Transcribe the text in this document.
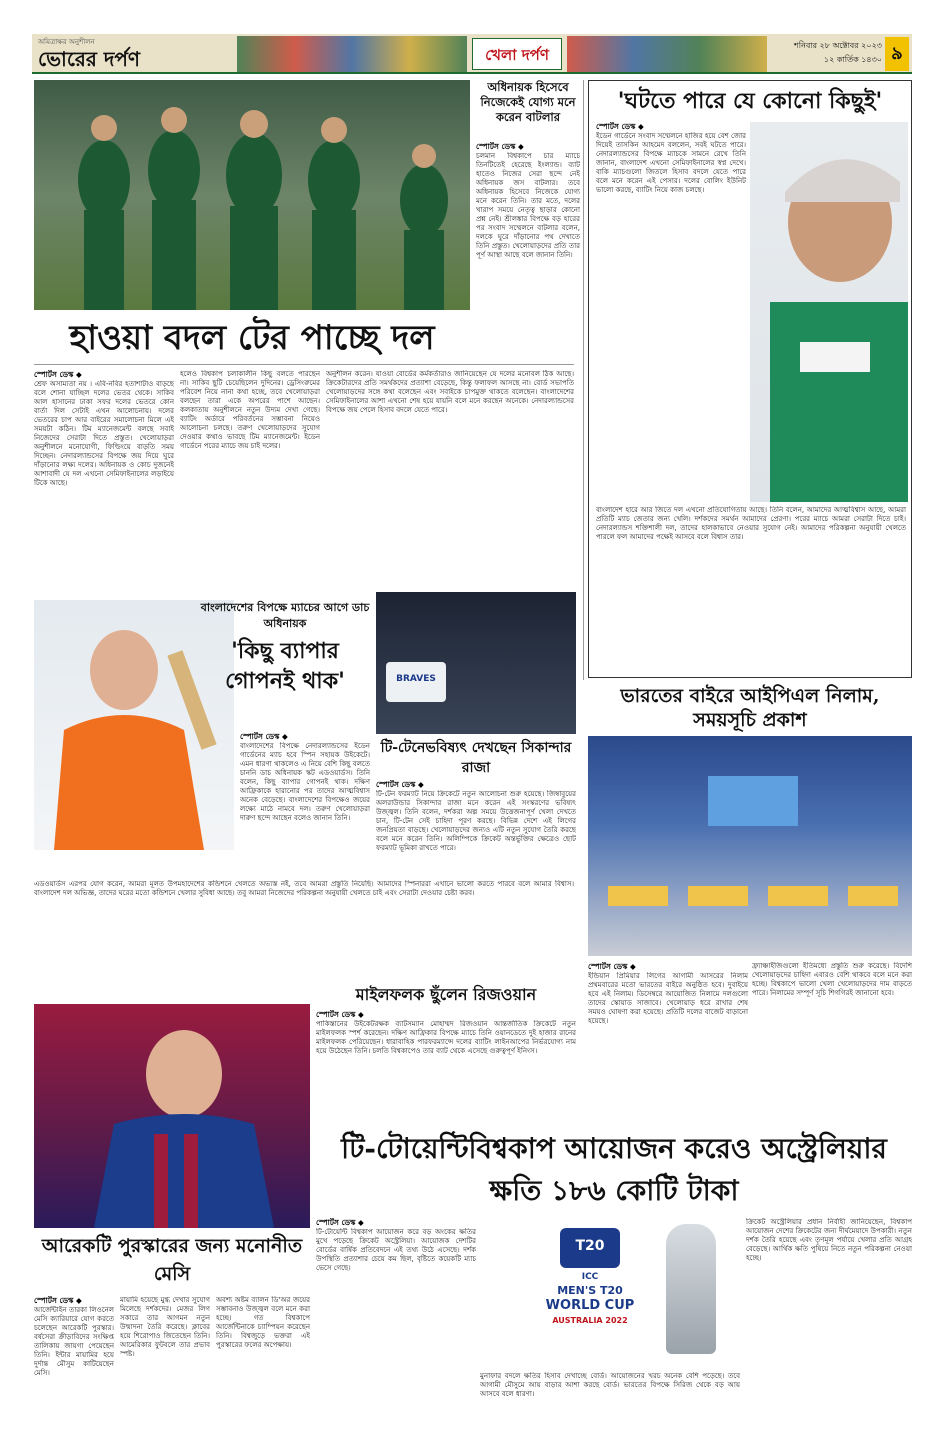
অমিত্রাক্ষর অনুশীলন
ভোরের দর্পণ	খেলা দর্পণ
শনিবার ২৮ অক্টোবর ২০২৩
১২ কার্তিক ১৪৩০ ৯
অধিনায়ক হিসেবে নিজেকেই যোগ্য মনে করেন বাটলার
স্পোর্টস ডেস্ক ◆
চলমান বিশ্বকাপে চার ম্যাচে তিনটিতেই হেরেছে ইংল্যান্ড। ব্যাট হাতেও নিজের সেরা ছন্দে নেই অধিনায়ক জস বাটলার। তবে অধিনায়ক হিসেবে নিজেকে যোগ্য মনে করেন তিনি। তার মতে, দলের খারাপ সময়ে নেতৃত্ব ছাড়ার কোনো প্রশ্ন নেই। শ্রীলঙ্কার বিপক্ষে বড় হারের পর সংবাদ সম্মেলনে বাটলার বলেন, দলকে ঘুরে দাঁড়ানোর পথ দেখাতে তিনি প্রস্তুত। খেলোয়াড়দের প্রতি তার পূর্ণ আস্থা আছে বলে জানান তিনি।
'ঘটতে পারে যে কোনো কিছুই'
স্পোর্টস ডেস্ক ◆
ইডেন গার্ডেনে সংবাদ সম্মেলনে হাজির হয়ে বেশ জোর দিয়েই তাসকিন আহমেদ বললেন, সবই ঘটতে পারে। নেদারল্যান্ডসের বিপক্ষে ম্যাচকে সামনে রেখে তিনি জানান, বাংলাদেশ এখনো সেমিফাইনালের স্বপ্ন দেখে। বাকি ম্যাচগুলো জিতলে হিসাব বদলে যেতে পারে বলে মনে করেন এই পেসার। দলের বোলিং ইউনিট ভালো করছে, ব্যাটিং নিয়ে কাজ চলছে।
বাংলাদেশ হারে আর জিতে দল এখনো প্রতিযোগিতায় আছে। তিনি বলেন, আমাদের আত্মবিশ্বাস আছে, আমরা প্রতিটি ম্যাচ জেতার জন্য খেলি। দর্শকদের সমর্থন আমাদের প্রেরণা। পরের ম্যাচে আমরা সেরাটা দিতে চাই। নেদারল্যান্ডস শক্তিশালী দল, তাদের হালকাভাবে নেওয়ার সুযোগ নেই। আমাদের পরিকল্পনা অনুযায়ী খেলতে পারলে ফল আমাদের পক্ষেই আসবে বলে বিশ্বাস তার।
হাওয়া বদল টের পাচ্ছে দল
স্পোর্টস ডেস্ক ◆
শ্রেফ অসাম্যতা নয় । এবি-নবির হতাশাটাও বাড়ছে বলে শোনা যাচ্ছিল দলের ভেতর থেকে। সাকিব আল হাসানের ঢাকা সফর দলের ভেতরে কোন বার্তা দিল সেটাই এখন আলোচনায়। দলের ভেতরের চাপ আর বাইরের সমালোচনা মিলে এই সময়টা কঠিন। টিম ম্যানেজমেন্ট বলছে সবাই নিজেদের সেরাটা দিতে প্রস্তুত। খেলোয়াড়রা অনুশীলনে মনোযোগী, ফিল্ডিংয়ে বাড়তি সময় দিচ্ছেন। নেদারল্যান্ডসের বিপক্ষে জয় দিয়ে ঘুরে দাঁড়ানোর লক্ষ্য দলের। অধিনায়ক ও কোচ দুজনেই আশাবাদী যে দল এখনো সেমিফাইনালের লড়াইয়ে টিকে আছে।
হলেও বিশ্বকাপ চলাকালীন কিছু বলতে পারছেন না। সাকিব ছুটি চেয়েছিলেন দুদিনের। ড্রেসিংরুমের পরিবেশ নিয়ে নানা কথা হচ্ছে, তবে খেলোয়াড়রা বলছেন তারা একে অপরের পাশে আছেন। কলকাতায় অনুশীলনে নতুন উদ্যম দেখা গেছে। ব্যাটিং অর্ডারে পরিবর্তনের সম্ভাবনা নিয়েও আলোচনা চলছে। তরুণ খেলোয়াড়দের সুযোগ দেওয়ার কথাও ভাবছে টিম ম্যানেজমেন্ট। ইডেন গার্ডেনে পরের ম্যাচে জয় চাই দলের।
অনুশীলন করেন। যাওয়া বোর্ডের কর্মকর্তারাও জানিয়েছেন যে দলের মনোবল ঠিক আছে। ক্রিকেটারদের প্রতি সমর্থকদের প্রত্যাশা বেড়েছে, কিন্তু ফলাফল আসছে না। বোর্ড সভাপতি খেলোয়াড়দের সঙ্গে কথা বলেছেন এবং সবাইকে চাপমুক্ত থাকতে বলেছেন। বাংলাদেশের সেমিফাইনালের আশা এখনো শেষ হয়ে যায়নি বলে মনে করছেন অনেকে। নেদারল্যান্ডসের বিপক্ষে জয় পেলে হিসাব বদলে যেতে পারে।
বাংলাদেশের বিপক্ষে ম্যাচের আগে ডাচ অধিনায়ক
'কিছু ব্যাপার গোপনই থাক'
স্পোর্টস ডেস্ক ◆
বাংলাদেশের বিপক্ষে নেদারল্যান্ডসের ইডেন গার্ডেনের ম্যাচ হবে স্পিন সহায়ক উইকেটে। এমন ধারণা থাকলেও এ নিয়ে বেশি কিছু বলতে চাননি ডাচ অধিনায়ক স্কট এডওয়ার্ডস। তিনি বলেন, কিছু ব্যাপার গোপনই থাক। দক্ষিণ আফ্রিকাকে হারানোর পর তাদের আত্মবিশ্বাস অনেক বেড়েছে। বাংলাদেশের বিপক্ষেও জয়ের লক্ষ্যে মাঠে নামবে দল। তরুণ খেলোয়াড়রা দারুণ ছন্দে আছেন বলেও জানান তিনি।
এডওয়ার্ডস এরপর যোগ করেন, আমরা মূলত উপমহাদেশের কন্ডিশনে খেলতে অভ্যস্ত নই, তবে আমরা প্রস্তুতি নিয়েছি। আমাদের স্পিনাররা এখানে ভালো করতে পারবে বলে আমার বিশ্বাস। বাংলাদেশ দল অভিজ্ঞ, তাদের ঘরের মতো কন্ডিশনে খেলার সুবিধা আছে। তবু আমরা নিজেদের পরিকল্পনা অনুযায়ী খেলতে চাই এবং সেরাটা দেওয়ার চেষ্টা করব।
BRAVES
টি-টেনেভবিষ্যৎ দেখছেন সিকান্দার রাজা
স্পোর্টস ডেস্ক ◆
টি-টেন ফরম্যাট নিয়ে ক্রিকেটে নতুন আলোচনা শুরু হয়েছে। জিম্বাবুয়ের অলরাউন্ডার সিকান্দার রাজা মনে করেন এই সংস্করণের ভবিষ্যৎ উজ্জ্বল। তিনি বলেন, দর্শকরা অল্প সময়ে উত্তেজনাপূর্ণ খেলা দেখতে চান, টি-টেন সেই চাহিদা পূরণ করছে। বিভিন্ন দেশে এই লিগের জনপ্রিয়তা বাড়ছে। খেলোয়াড়দের জন্যও এটি নতুন সুযোগ তৈরি করছে বলে মনে করেন তিনি। অলিম্পিকে ক্রিকেট অন্তর্ভুক্তির ক্ষেত্রেও ছোট ফরম্যাট ভূমিকা রাখতে পারে।
ভারতের বাইরে আইপিএল নিলাম, সময়সূচি প্রকাশ
স্পোর্টস ডেস্ক ◆
ইন্ডিয়ান প্রিমিয়ার লিগের আগামী আসরের নিলাম প্রথমবারের মতো ভারতের বাইরে অনুষ্ঠিত হবে। দুবাইয়ে হবে এই নিলাম। ডিসেম্বরে আয়োজিত নিলামে দলগুলো তাদের স্কোয়াড সাজাবে। খেলোয়াড় ধরে রাখার শেষ সময়ও ঘোষণা করা হয়েছে। প্রতিটি দলের বাজেট বাড়ানো হয়েছে।
ফ্র্যাঞ্চাইজিগুলো ইতিমধ্যে প্রস্তুতি শুরু করেছে। বিদেশি খেলোয়াড়দের চাহিদা এবারও বেশি থাকবে বলে মনে করা হচ্ছে। বিশ্বকাপে ভালো খেলা খেলোয়াড়দের দাম বাড়তে পারে। নিলামের সম্পূর্ণ সূচি শিগগিরই জানানো হবে।
মাইলফলক ছুঁলেন রিজওয়ান
স্পোর্টস ডেস্ক ◆
পাকিস্তানের উইকেটরক্ষক ব্যাটসম্যান মোহাম্মদ রিজওয়ান আন্তর্জাতিক ক্রিকেটে নতুন মাইলফলক স্পর্শ করেছেন। দক্ষিণ আফ্রিকার বিপক্ষে ম্যাচে তিনি ওয়ানডেতে দুই হাজার রানের মাইলফলক পেরিয়েছেন। ধারাবাহিক পারফরম্যান্সে দলের ব্যাটিং লাইনআপের নির্ভরযোগ্য নাম হয়ে উঠেছেন তিনি। চলতি বিশ্বকাপেও তার ব্যাট থেকে এসেছে গুরুত্বপূর্ণ ইনিংস।
আরেকটি পুরস্কারের জন্য মনোনীত মেসি
স্পোর্টস ডেস্ক ◆
আর্জেন্টাইন তারকা লিওনেল মেসি ক্যারিয়ারে যোগ করতে চলেছেন আরেকটি পুরস্কার। বর্ষসেরা ক্রীড়াবিদের সংক্ষিপ্ত তালিকায় জায়গা পেয়েছেন তিনি। ইন্টার মায়ামির হয়ে দুর্দান্ত মৌসুম কাটিয়েছেন মেসি।
মায়ামি হয়েছে মুগ্ধ দেখার সুযোগ মিলেছে দর্শকদের। মেজর লিগ সকারে তার আগমন নতুন উন্মাদনা তৈরি করেছে। ক্লাবের হয়ে শিরোপাও জিতেছেন তিনি। আমেরিকার ফুটবলে তার প্রভাব স্পষ্ট।
অবশ্য অষ্টম ব্যালন ডি'অর জয়ের সম্ভাবনাও উজ্জ্বল বলে মনে করা হচ্ছে। গত বিশ্বকাপে আর্জেন্টিনাকে চ্যাম্পিয়ন করেছেন তিনি। বিশ্বজুড়ে ভক্তরা এই পুরস্কারের ফলের অপেক্ষায়।
টি-টোয়েন্টিবিশ্বকাপ আয়োজন করেও অস্ট্রেলিয়ার ক্ষতি ১৮৬ কোটি টাকা
স্পোর্টস ডেস্ক ◆
টি-টোয়েন্টি বিশ্বকাপ আয়োজন করে বড় অংকের ক্ষতির মুখে পড়েছে ক্রিকেট অস্ট্রেলিয়া। আয়োজক দেশটির বোর্ডের বার্ষিক প্রতিবেদনে এই তথ্য উঠে এসেছে। দর্শক উপস্থিতি প্রত্যাশার চেয়ে কম ছিল, বৃষ্টিতে কয়েকটি ম্যাচ ভেসে গেছে।
T20
ICC
MEN'S T20
WORLD CUP
AUSTRALIA 2022
মুনাফার বদলে ক্ষতির হিসাব দেখাচ্ছে বোর্ড। আয়োজনের খরচ অনেক বেশি পড়েছে। তবে আগামী মৌসুমে আয় বাড়ার আশা করছে বোর্ড। ভারতের বিপক্ষে সিরিজ থেকে বড় আয় আসবে বলে ধারণা।
ক্রিকেট অস্ট্রেলিয়ার প্রধান নির্বাহী জানিয়েছেন, বিশ্বকাপ আয়োজন দেশের ক্রিকেটের জন্য দীর্ঘমেয়াদে উপকারী। নতুন দর্শক তৈরি হয়েছে এবং তৃণমূল পর্যায়ে খেলার প্রতি আগ্রহ বেড়েছে। আর্থিক ক্ষতি পুষিয়ে নিতে নতুন পরিকল্পনা নেওয়া হচ্ছে।
